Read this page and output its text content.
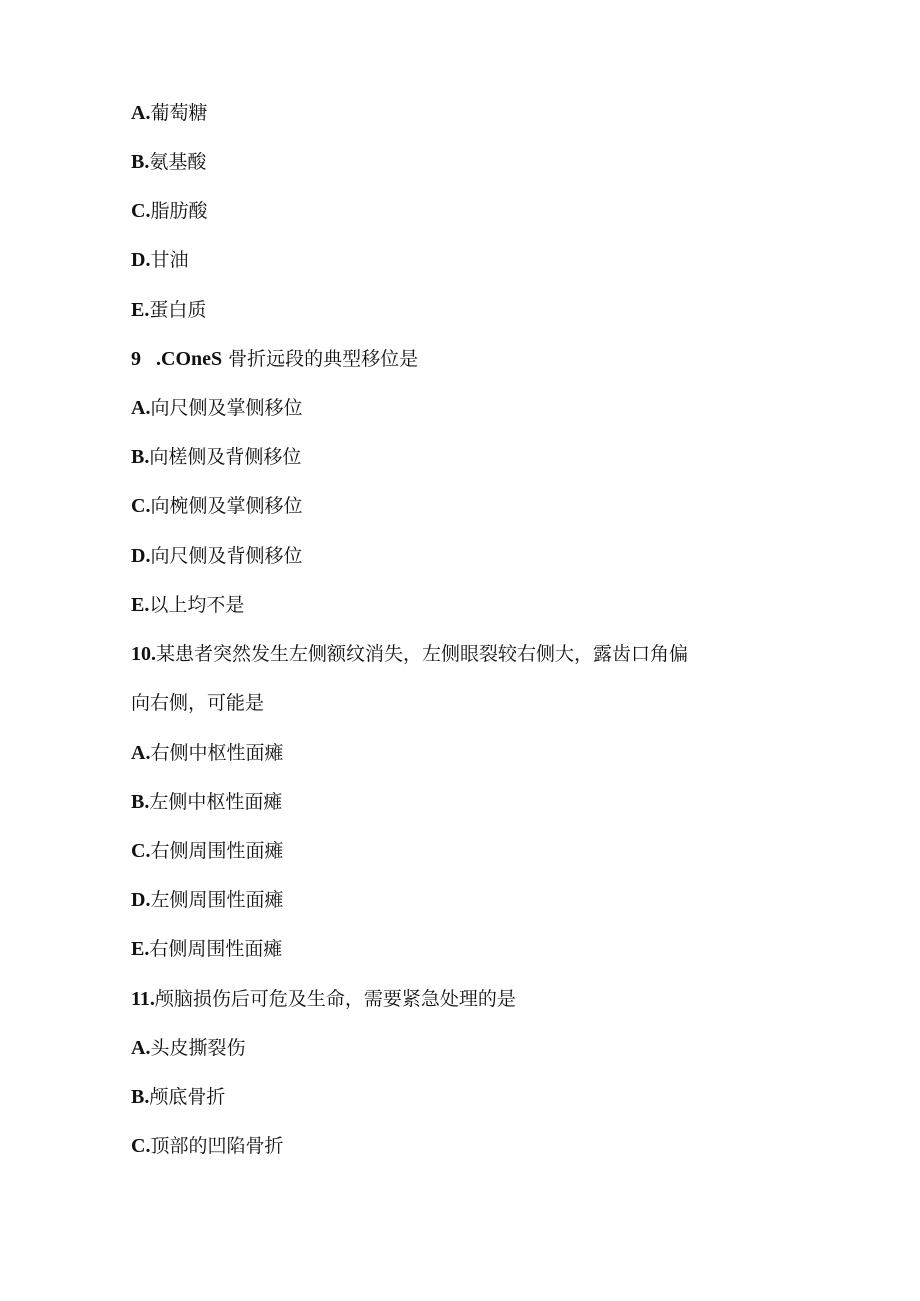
A.葡萄糖
B.氨基酸
C.脂肪酸
D.甘油
E.蛋白质
9   .COneS 骨折远段的典型移位是
A.向尺侧及掌侧移位
B.向槎侧及背侧移位
C.向椀侧及掌侧移位
D.向尺侧及背侧移位
E.以上均不是
10.某患者突然发生左侧额纹消失，左侧眼裂较右侧大，露齿口角偏
向右侧，可能是
A.右侧中枢性面瘫
B.左侧中枢性面瘫
C.右侧周围性面瘫
D.左侧周围性面瘫
E.右侧周围性面瘫
11.颅脑损伤后可危及生命，需要紧急处理的是
A.头皮撕裂伤
B.颅底骨折
C.顶部的凹陷骨折
